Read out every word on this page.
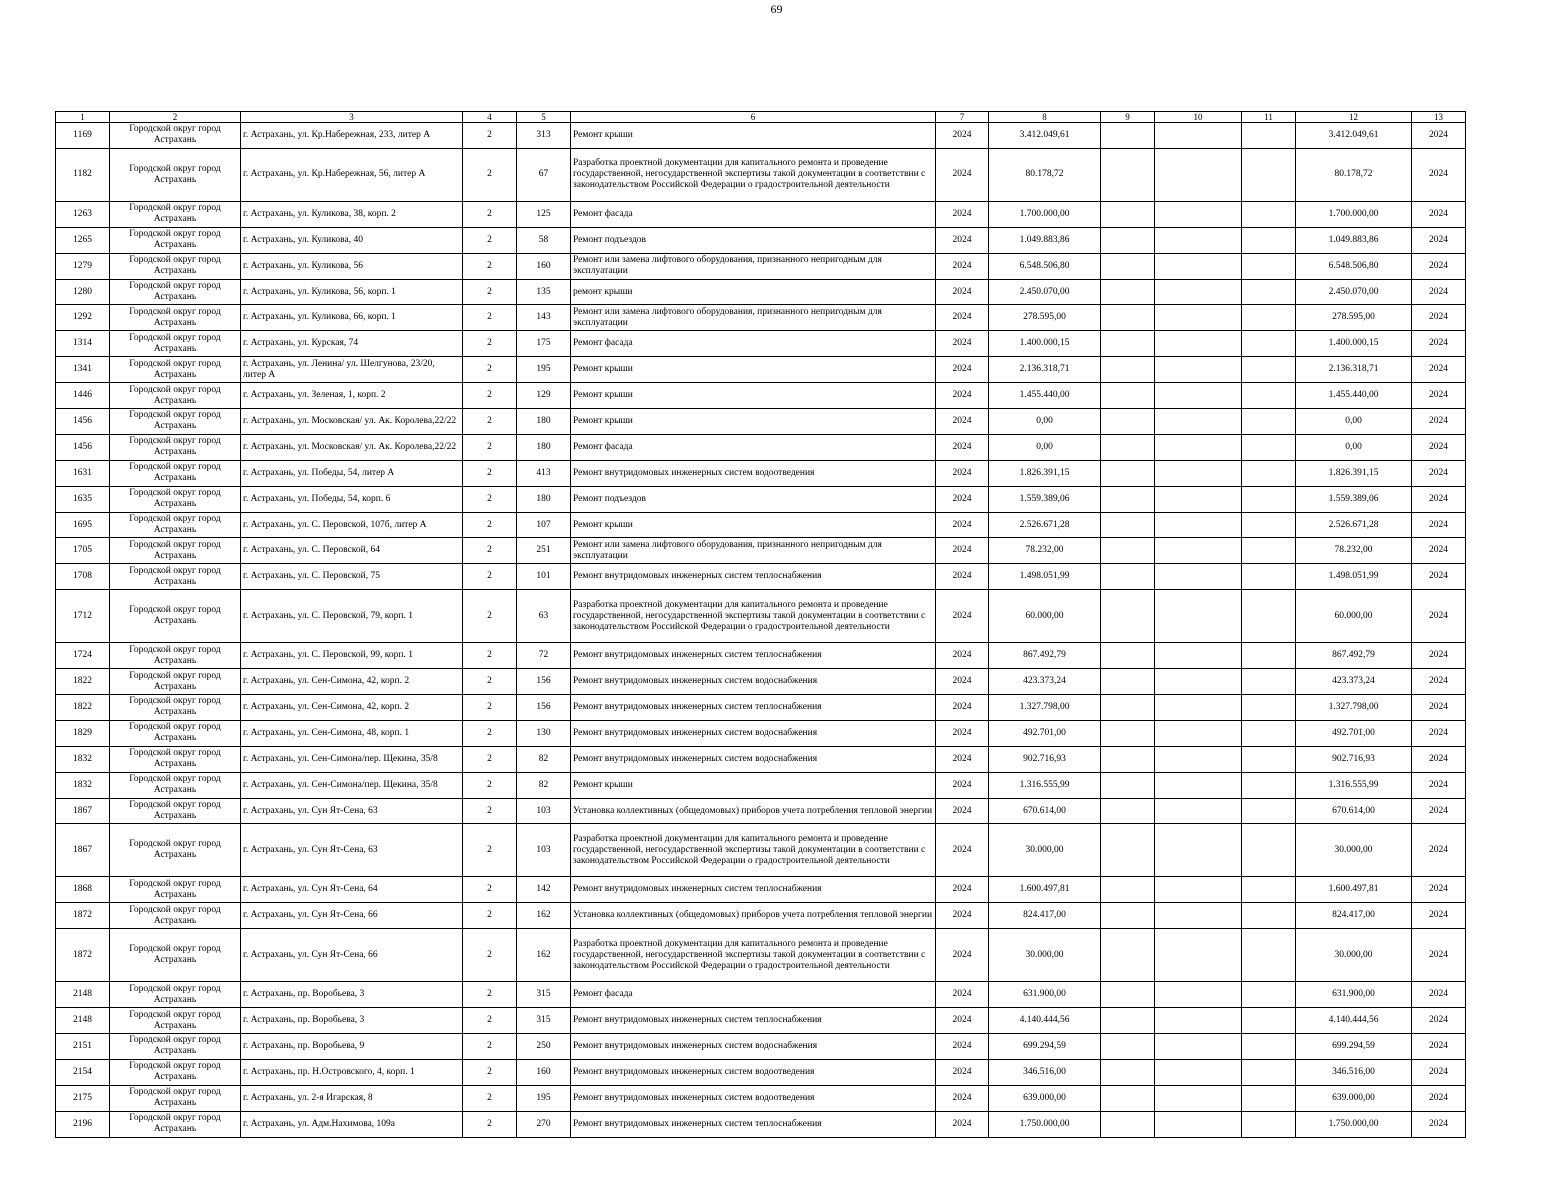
69
1	2	3	4	5	6	7	8	9	10	11	12	13
1169	Городской округ город Астрахань	г. Астрахань, ул. Кр.Набережная, 233, литер А	2	313	Ремонт крыши	2024	3.412.049,61				3.412.049,61	2024
1182	Городской округ город Астрахань	г. Астрахань, ул. Кр.Набережная, 56, литер А	2	67	Разработка проектной документации для капитального ремонта и проведение государственной, негосударственной экспертизы такой документации в соответствии с законодательством Российской Федерации о градостроительной деятельности	2024	80.178,72				80.178,72	2024
1263	Городской округ город Астрахань	г. Астрахань, ул. Куликова, 38, корп. 2	2	125	Ремонт фасада	2024	1.700.000,00				1.700.000,00	2024
1265	Городской округ город Астрахань	г. Астрахань, ул. Куликова, 40	2	58	Ремонт подъездов	2024	1.049.883,86				1.049.883,86	2024
1279	Городской округ город Астрахань	г. Астрахань, ул. Куликова, 56	2	160	Ремонт или замена лифтового оборудования, признанного непригодным для эксплуатации	2024	6.548.506,80				6.548.506,80	2024
1280	Городской округ город Астрахань	г. Астрахань, ул. Куликова, 56, корп. 1	2	135	ремонт крыши	2024	2.450.070,00				2.450.070,00	2024
1292	Городской округ город Астрахань	г. Астрахань, ул. Куликова, 66, корп. 1	2	143	Ремонт или замена лифтового оборудования, признанного непригодным для эксплуатации	2024	278.595,00				278.595,00	2024
1314	Городской округ город Астрахань	г. Астрахань, ул. Курская, 74	2	175	Ремонт фасада	2024	1.400.000,15				1.400.000,15	2024
1341	Городской округ город Астрахань	г. Астрахань, ул. Ленина/ ул. Шелгунова, 23/20, литер А	2	195	Ремонт крыши	2024	2.136.318,71				2.136.318,71	2024
1446	Городской округ город Астрахань	г. Астрахань, ул. Зеленая, 1, корп. 2	2	129	Ремонт крыши	2024	1.455.440,00				1.455.440,00	2024
1456	Городской округ город Астрахань	г. Астрахань, ул. Московская/ ул. Ак. Королева,22/22	2	180	Ремонт крыши	2024	0,00				0,00	2024
1456	Городской округ город Астрахань	г. Астрахань, ул. Московская/ ул. Ак. Королева,22/22	2	180	Ремонт фасада	2024	0,00				0,00	2024
1631	Городской округ город Астрахань	г. Астрахань, ул. Победы, 54, литер А	2	413	Ремонт внутридомовых инженерных систем водоотведения	2024	1.826.391,15				1.826.391,15	2024
1635	Городской округ город Астрахань	г. Астрахань, ул. Победы, 54, корп. 6	2	180	Ремонт подъездов	2024	1.559.389,06				1.559.389,06	2024
1695	Городской округ город Астрахань	г. Астрахань, ул. С. Перовской, 107б, литер А	2	107	Ремонт крыши	2024	2.526.671,28				2.526.671,28	2024
1705	Городской округ город Астрахань	г. Астрахань, ул. С. Перовской, 64	2	251	Ремонт или замена лифтового оборудования, признанного непригодным для эксплуатации	2024	78.232,00				78.232,00	2024
1708	Городской округ город Астрахань	г. Астрахань, ул. С. Перовской, 75	2	101	Ремонт внутридомовых инженерных систем теплоснабжения	2024	1.498.051,99				1.498.051,99	2024
1712	Городской округ город Астрахань	г. Астрахань, ул. С. Перовской, 79, корп. 1	2	63	Разработка проектной документации для капитального ремонта и проведение государственной, негосударственной экспертизы такой документации в соответствии с законодательством Российской Федерации о градостроительной деятельности	2024	60.000,00				60.000,00	2024
1724	Городской округ город Астрахань	г. Астрахань, ул. С. Перовской, 99, корп. 1	2	72	Ремонт внутридомовых инженерных систем теплоснабжения	2024	867.492,79				867.492,79	2024
1822	Городской округ город Астрахань	г. Астрахань, ул. Сен-Симона, 42, корп. 2	2	156	Ремонт внутридомовых инженерных систем водоснабжения	2024	423.373,24				423.373,24	2024
1822	Городской округ город Астрахань	г. Астрахань, ул. Сен-Симона, 42, корп. 2	2	156	Ремонт внутридомовых инженерных систем теплоснабжения	2024	1.327.798,00				1.327.798,00	2024
1829	Городской округ город Астрахань	г. Астрахань, ул. Сен-Симона, 48, корп. 1	2	130	Ремонт внутридомовых инженерных систем водоснабжения	2024	492.701,00				492.701,00	2024
1832	Городской округ город Астрахань	г. Астрахань, ул. Сен-Симона/пер. Щекина, 35/8	2	82	Ремонт внутридомовых инженерных систем водоснабжения	2024	902.716,93				902.716,93	2024
1832	Городской округ город Астрахань	г. Астрахань, ул. Сен-Симона/пер. Щекина, 35/8	2	82	Ремонт крыши	2024	1.316.555,99				1.316.555,99	2024
1867	Городской округ город Астрахань	г. Астрахань, ул. Сун Ят-Сена, 63	2	103	Установка коллективных (общедомовых) приборов учета потребления тепловой энергии	2024	670.614,00				670.614,00	2024
1867	Городской округ город Астрахань	г. Астрахань, ул. Сун Ят-Сена, 63	2	103	Разработка проектной документации для капитального ремонта и проведение государственной, негосударственной экспертизы такой документации в соответствии с законодательством Российской Федерации о градостроительной деятельности	2024	30.000,00				30.000,00	2024
1868	Городской округ город Астрахань	г. Астрахань, ул. Сун Ят-Сена, 64	2	142	Ремонт внутридомовых инженерных систем теплоснабжения	2024	1.600.497,81				1.600.497,81	2024
1872	Городской округ город Астрахань	г. Астрахань, ул. Сун Ят-Сена, 66	2	162	Установка коллективных (общедомовых) приборов учета потребления тепловой энергии	2024	824.417,00				824.417,00	2024
1872	Городской округ город Астрахань	г. Астрахань, ул. Сун Ят-Сена, 66	2	162	Разработка проектной документации для капитального ремонта и проведение государственной, негосударственной экспертизы такой документации в соответствии с законодательством Российской Федерации о градостроительной деятельности	2024	30.000,00				30.000,00	2024
2148	Городской округ город Астрахань	г. Астрахань, пр. Воробьева, 3	2	315	Ремонт фасада	2024	631.900,00				631.900,00	2024
2148	Городской округ город Астрахань	г. Астрахань, пр. Воробьева, 3	2	315	Ремонт внутридомовых инженерных систем теплоснабжения	2024	4.140.444,56				4.140.444,56	2024
2151	Городской округ город Астрахань	г. Астрахань, пр. Воробьева, 9	2	250	Ремонт внутридомовых инженерных систем водоснабжения	2024	699.294,59				699.294,59	2024
2154	Городской округ город Астрахань	г. Астрахань, пр. Н.Островского, 4, корп. 1	2	160	Ремонт внутридомовых инженерных систем водоотведения	2024	346.516,00				346.516,00	2024
2175	Городской округ город Астрахань	г. Астрахань, ул. 2-я Игарская, 8	2	195	Ремонт внутридомовых инженерных систем водоотведения	2024	639.000,00				639.000,00	2024
2196	Городской округ город Астрахань	г. Астрахань, ул. Адм.Нахимова, 109а	2	270	Ремонт внутридомовых инженерных систем теплоснабжения	2024	1.750.000,00				1.750.000,00	2024
